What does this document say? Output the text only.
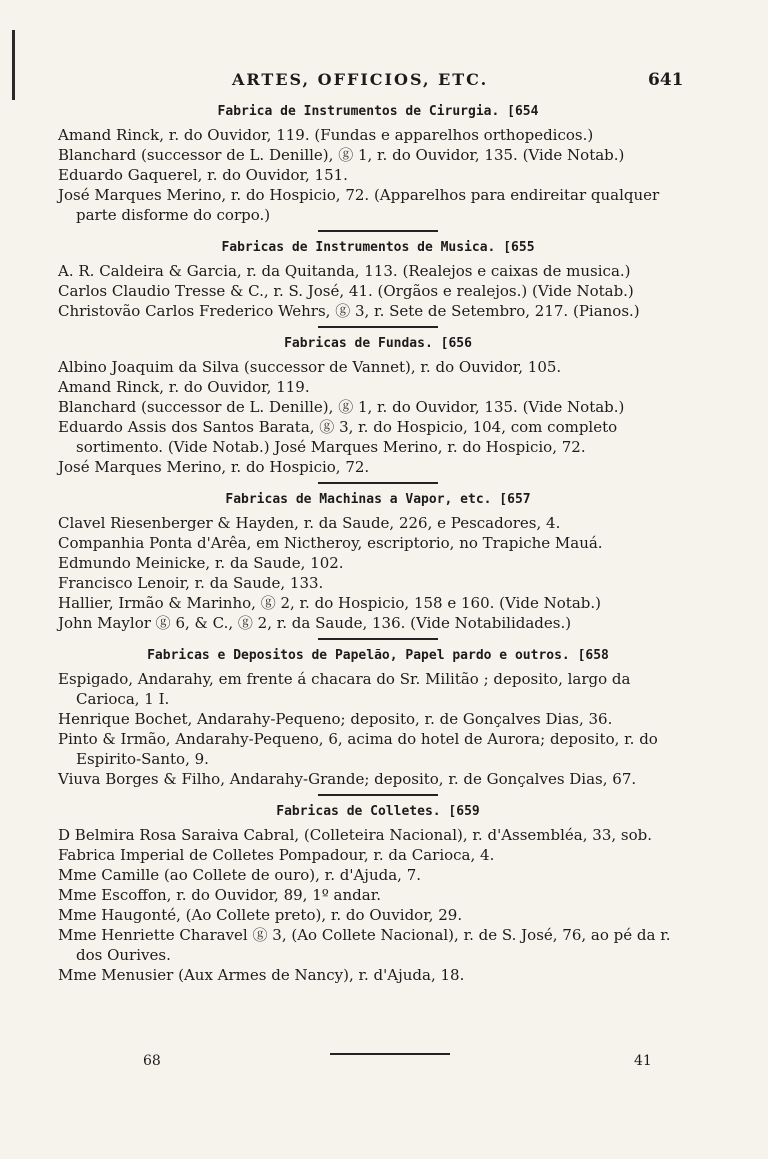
ARTES, OFFICIOS, ETC.	641
Fabrica de Instrumentos de Cirurgia. [654
Amand Rinck, r. do Ouvidor, 119. (Fundas e apparelhos orthopedicos.)
Blanchard (successor de L. Denille), ⓖ 1, r. do Ouvidor, 135. (Vide Notab.)
Eduardo Gaquerel, r. do Ouvidor, 151.
José Marques Merino, r. do Hospicio, 72. (Apparelhos para endireitar qualquer parte disforme do corpo.)
Fabricas de Instrumentos de Musica. [655
A. R. Caldeira & Garcia, r. da Quitanda, 113. (Realejos e caixas de musica.)
Carlos Claudio Tresse & C., r. S. José, 41. (Orgãos e realejos.) (Vide Notab.)
Christovão Carlos Frederico Wehrs, ⓖ 3, r. Sete de Setembro, 217. (Pianos.)
Fabricas de Fundas. [656
Albino Joaquim da Silva (successor de Vannet), r. do Ouvidor, 105.
Amand Rinck, r. do Ouvidor, 119.
Blanchard (successor de L. Denille), ⓖ 1, r. do Ouvidor, 135. (Vide Notab.)
Eduardo Assis dos Santos Barata, ⓖ 3, r. do Hospicio, 104, com completo sortimento. (Vide Notab.) José Marques Merino, r. do Hospicio, 72.
José Marques Merino, r. do Hospicio, 72.
Fabricas de Machinas a Vapor, etc. [657
Clavel Riesenberger & Hayden, r. da Saude, 226, e Pescadores, 4.
Companhia Ponta d'Arêa, em Nictheroy, escriptorio, no Trapiche Mauá.
Edmundo Meinicke, r. da Saude, 102.
Francisco Lenoir, r. da Saude, 133.
Hallier, Irmão & Marinho, ⓖ 2, r. do Hospicio, 158 e 160. (Vide Notab.)
John Maylor ⓖ 6, & C., ⓖ 2, r. da Saude, 136. (Vide Notabilidades.)
Fabricas e Depositos de Papelão, Papel pardo e outros. [658
Espigado, Andarahy, em frente á chacara do Sr. Militão ; deposito, largo da Carioca, 1 I.
Henrique Bochet, Andarahy-Pequeno; deposito, r. de Gonçalves Dias, 36.
Pinto & Irmão, Andarahy-Pequeno, 6, acima do hotel de Aurora; deposito, r. do Espirito-Santo, 9.
Viuva Borges & Filho, Andarahy-Grande; deposito, r. de Gonçalves Dias, 67.
Fabricas de Colletes. [659
D Belmira Rosa Saraiva Cabral, (Colleteira Nacional), r. d'Assembléa, 33, sob.
Fabrica Imperial de Colletes Pompadour, r. da Carioca, 4.
Mme Camille (ao Collete de ouro), r. d'Ajuda, 7.
Mme Escoffon, r. do Ouvidor, 89, 1º andar.
Mme Haugonté, (Ao Collete preto), r. do Ouvidor, 29.
Mme Henriette Charavel ⓖ 3, (Ao Collete Nacional), r. de S. José, 76, ao pé da r. dos Ourives.
Mme Menusier (Aux Armes de Nancy), r. d'Ajuda, 18.
68	41
